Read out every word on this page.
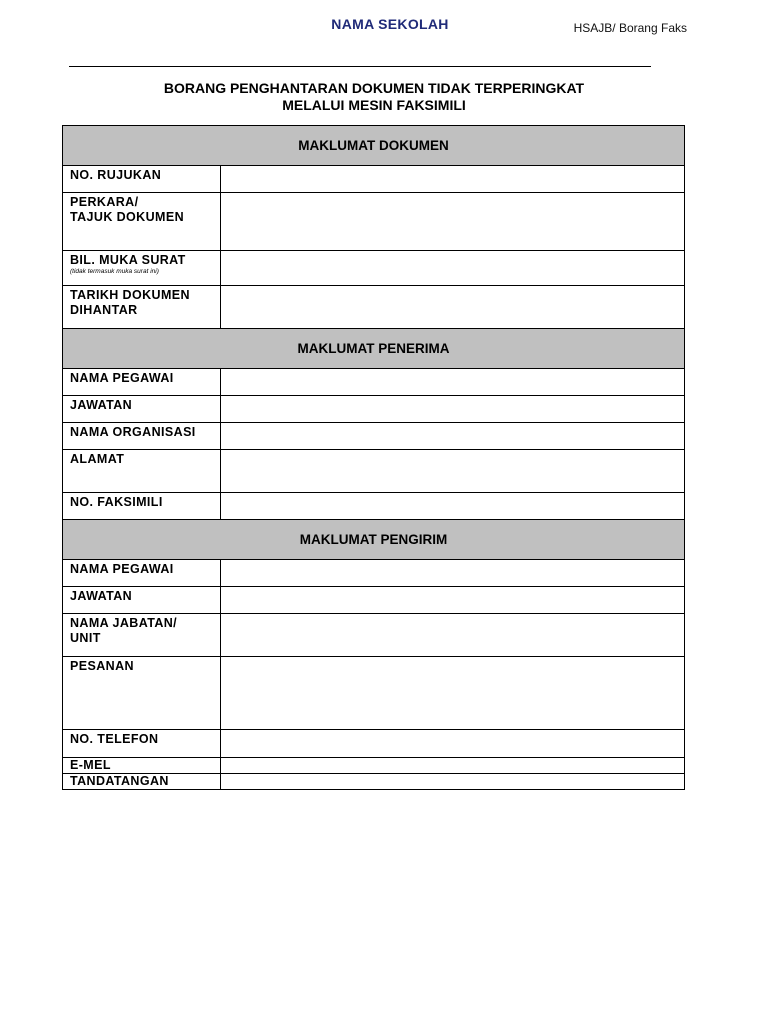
NAMA SEKOLAH	HSAJB/ Borang Faks
BORANG PENGHANTARAN DOKUMEN TIDAK TERPERINGKAT
MELALUI MESIN FAKSIMILI
MAKLUMAT DOKUMEN	
NO. RUJUKAN	

PERKARA/
TAJUK DOKUMEN	

BIL. MUKA SURAT
(tidak termasuk muka surat ini)	

TARIKH DOKUMEN
DIHANTAR	

MAKLUMAT PENERIMA	
NAMA PEGAWAI	
JAWATAN	
NAMA ORGANISASI	
ALAMAT	
NO. FAKSIMILI	
MAKLUMAT PENGIRIM	
NAMA PEGAWAI	
JAWATAN	

NAMA JABATAN/
UNIT	

PESANAN	
NO. TELEFON	
E-MEL	
TANDATANGAN	
